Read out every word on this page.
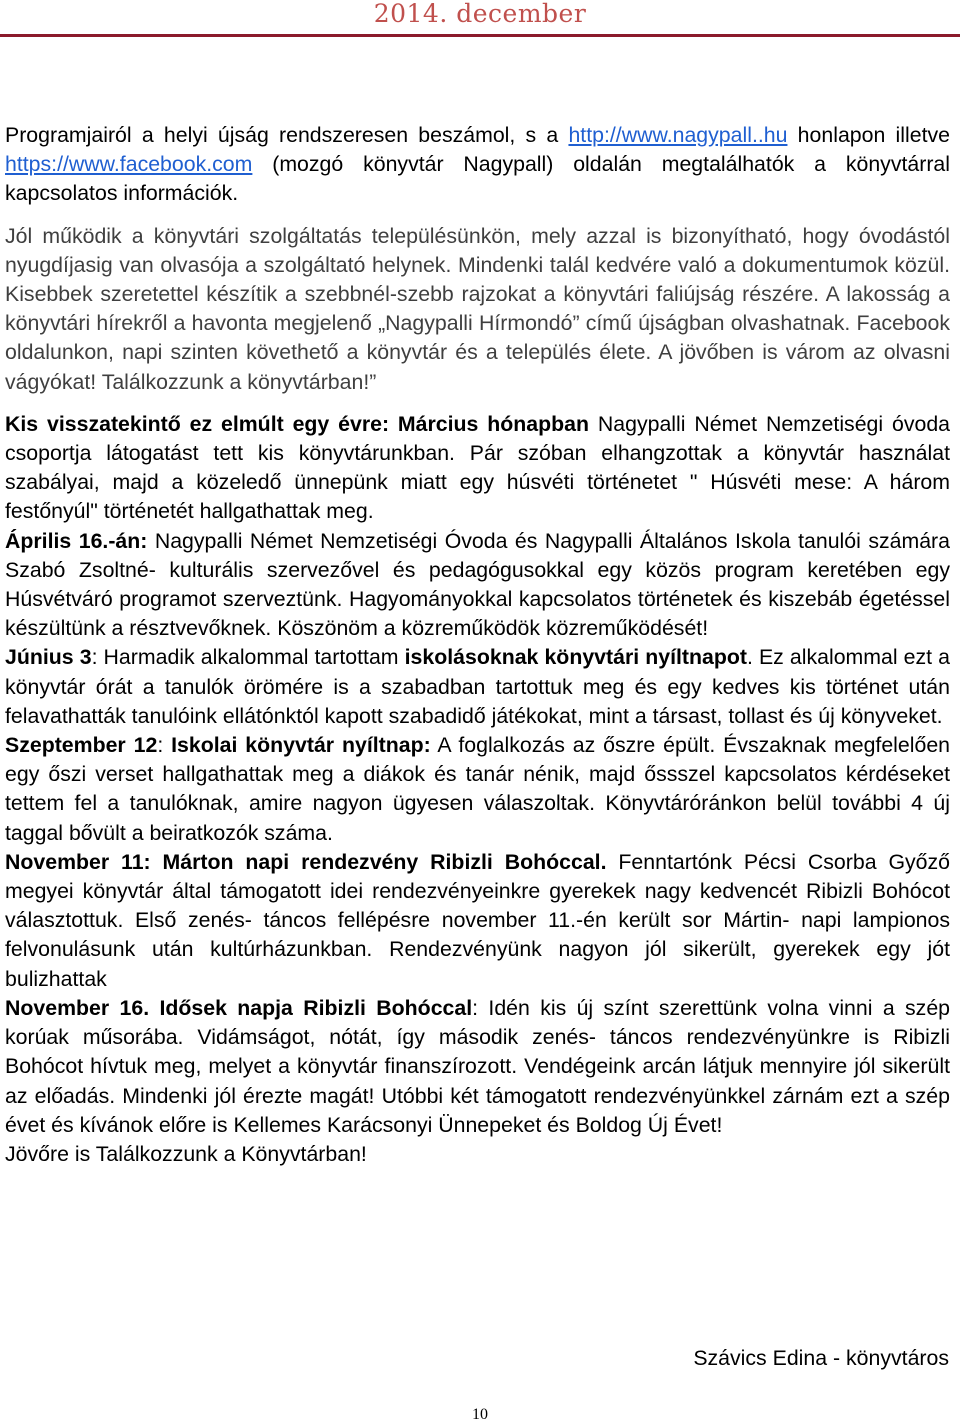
2014. december

Programjairól a helyi újság rendszeresen beszámol, s a http://www.nagypall..hu honlapon illetve https://www.facebook.com (mozgó könyvtár Nagypall) oldalán megtalálhatók a könyvtárral kapcsolatos információk.

Jól működik a könyvtári szolgáltatás településünkön, mely azzal is bizonyítható, hogy óvodástól nyugdíjasig van olvasója a szolgáltató helynek. Mindenki talál kedvére való a dokumentumok közül. Kisebbek szeretettel készítik a szebbnél-szebb rajzokat a könyvtári faliújság részére. A lakosság a könyvtári hírekről a havonta megjelenő „Nagypalli Hírmondó” című újságban olvashatnak. Facebook oldalunkon, napi szinten követhető a könyvtár és a település élete. A jövőben is várom az olvasni vágyókat! Találkozzunk a könyvtárban!”

Kis visszatekintő ez elmúlt egy évre: Március hónapban Nagypalli Német Nemzetiségi óvoda csoportja látogatást tett kis könyvtárunkban. Pár szóban elhangzottak a könyvtár használat szabályai, majd a közeledő ünnepünk miatt egy húsvéti történetet " Húsvéti mese: A három festőnyúl" történetét hallgathattak meg.

Április 16.-án: Nagypalli Német Nemzetiségi Óvoda és Nagypalli Általános Iskola tanulói számára Szabó Zsoltné- kulturális szervezővel és pedagógusokkal egy közös program keretében egy Húsvétváró programot szerveztünk. Hagyományokkal kapcsolatos történetek és kiszebáb égetéssel készültünk a résztvevőknek. Köszönöm a közreműködök közreműködését!

Június 3: Harmadik alkalommal tartottam iskolásoknak könyvtári nyíltnapot. Ez alkalommal ezt a könyvtár órát a tanulók örömére is a szabadban tartottuk meg és egy kedves kis történet után felavathatták tanulóink ellátónktól kapott szabadidő játékokat, mint a társast, tollast és új könyveket.

Szeptember 12: Iskolai könyvtár nyíltnap: A foglalkozás az őszre épült. Évszaknak megfelelően egy őszi verset hallgathattak meg a diákok és tanár nénik, majd őssszel kapcsolatos kérdéseket tettem fel a tanulóknak, amire nagyon ügyesen válaszoltak. Könyvtáróránkon belül további 4 új taggal bővült a beiratkozók száma.

November 11: Márton napi rendezvény Ribizli Bohóccal. Fenntartónk Pécsi Csorba Győző megyei könyvtár által támogatott idei rendezvényeinkre gyerekek nagy kedvencét Ribizli Bohócot választottuk. Első zenés- táncos fellépésre november 11.-én került sor Mártin- napi lampionos felvonulásunk után kultúrházunkban. Rendezvényünk nagyon jól sikerült, gyerekek egy jót bulizhattak

November 16. Idősek napja Ribizli Bohóccal: Idén kis új színt szerettünk volna vinni a szép korúak műsorába. Vidámságot, nótát, így második zenés- táncos rendezvényünkre is Ribizli Bohócot hívtuk meg, melyet a könyvtár finanszírozott. Vendégeink arcán látjuk mennyire jól sikerült az előadás. Mindenki jól érezte magát! Utóbbi két támogatott rendezvényünkkel zárnám ezt a szép évet és kívánok előre is Kellemes Karácsonyi Ünnepeket és Boldog Új Évet!

Jövőre is Találkozzunk a Könyvtárban!

Szávics Edina - könyvtáros
10
